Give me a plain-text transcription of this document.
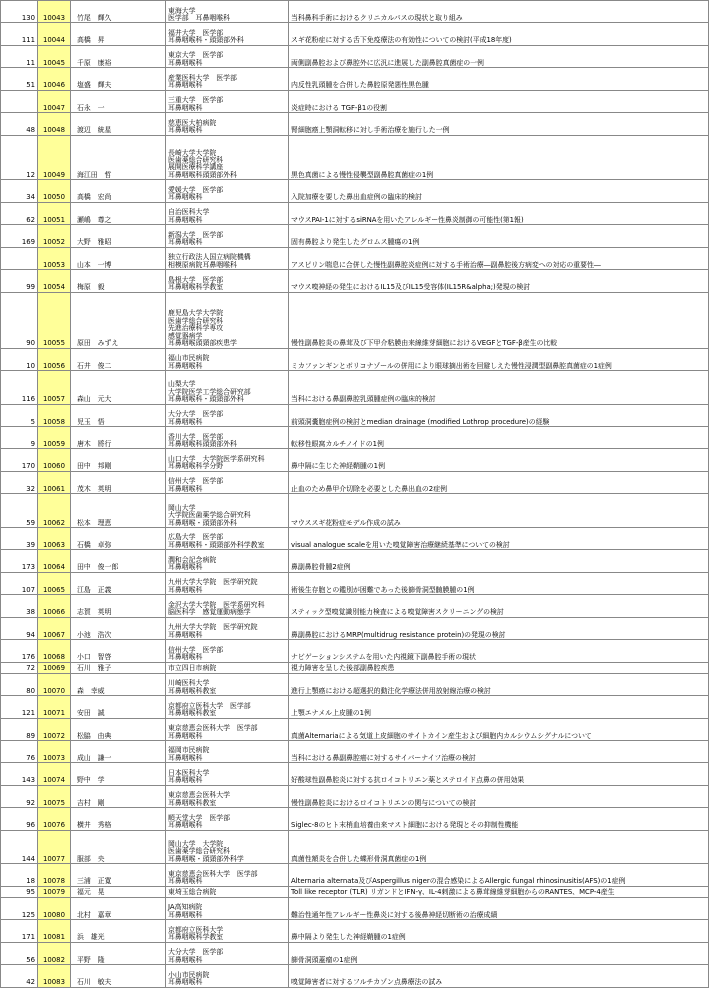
130	10043	竹尾　輝久	東海大学
医学部　耳鼻咽喉科	当科鼻科手術におけるクリニカルパスの現状と取り組み
111	10044	高橋　昇	福井大学　医学部
耳鼻咽喉科・頭頸部外科	スギ花粉症に対する舌下免疫療法の有効性についての検討(平成18年度)
11	10045	千原　康裕	東京大学　医学部
耳鼻咽喉科	両側副鼻腔および鼻腔外に広汎に進展した副鼻腔真菌症の一例
51	10046	塩盛　輝夫	産業医科大学　医学部
耳鼻咽喉科	内反性乳頭腫を合併した鼻腔原発悪性黒色腫
	10047	石永　一	三重大学　医学部
耳鼻咽喉科	炎症時における TGF-β1の役割
48	10048	渡辺　統星	慈恵医大柏病院
耳鼻咽喉科	腎細胞癌上顎洞転移に対し手術治療を施行した一例
12	10049	海江田　哲	長崎大学大学院
医歯薬総合研究科
展開医療科学講座
耳鼻咽喉科頭頸部外科	黒色真菌による慢性侵襲型副鼻腔真菌症の1例
34	10050	高橋　宏尚	愛媛大学　医学部
耳鼻咽喉科	入院加療を要した鼻出血症例の臨床的検討
62	10051	瀬嶋　尊之	自治医科大学
耳鼻咽喉科	マウスPAI-1に対するsiRNAを用いたアレルギー性鼻炎制御の可能性(第1報)
169	10052	大野　雅昭	新潟大学　医学部
耳鼻咽喉科	固有鼻腔より発生したグロムス腫瘍の1例
	10053	山本　一博	独立行政法人国立病院機構
相模原病院耳鼻咽喉科	アスピリン喘息に合併した慢性副鼻腔炎症例に対する手術治療―副鼻腔後方病変への対応の重要性―
99	10054	梅原　毅	島根大学　医学部
耳鼻咽喉科学教室	マウス嗅神経の発生におけるIL15及びIL15受容体(IL15R&alpha;)発現の検討
90	10055	原田　みずえ	鹿児島大学大学院
医歯学総合研究科
先進治療科学専攻
感覚器病学
耳鼻咽喉頭頸部疾患学	慢性副鼻腔炎の鼻茸及び下甲介粘膜由来線維芽細胞におけるVEGFとTGF-β産生の比較
10	10056	石井　俊二	福山市民病院
耳鼻咽喉科	ミカファンギンとボリコナゾールの併用により眼球摘出術を回避しえた慢性浸潤型副鼻腔真菌症の1症例
116	10057	森山　元大	山梨大学
大学院医学工学総合研究部
耳鼻咽喉科・頭頸部外科	当科における鼻副鼻腔乳頭腫症例の臨床的検討
5	10058	児玉　悟	大分大学　医学部
耳鼻咽喉科	前頭洞嚢胞症例の検討とmedian drainage (modified Lothrop procedure)の経験
9	10059	唐木　將行	香川大学　医学部
耳鼻咽喉科頭頸部外科	転移性眼窩カルチノイドの1例
170	10060	田中　邦剛	山口大学　大学院医学系研究科
耳鼻咽喉科学分野	鼻中隔に生じた神経鞘腫の1例
32	10061	茂木　英明	信州大学　医学部
耳鼻咽喉科	止血のため鼻甲介切除を必要とした鼻出血の2症例
59	10062	松本　理恵	岡山大学
大学院医歯薬学総合研究科
耳鼻咽喉・頭頸部外科	マウススギ花粉症モデル作成の試み
39	10063	石橋　卓弥	広島大学　医学部
耳鼻咽喉科・頭頸部外科学教室	visual analogue scaleを用いた嗅覚障害治療継続基準についての検討
173	10064	田中　俊一郎	潤和会記念病院
耳鼻咽喉科	鼻副鼻腔骨腫2症例
107	10065	江島　正義	九州大学大学院　医学研究院
耳鼻咽喉科	術後生存胞との鑑別が困難であった後篩骨洞型髄膜腫の1例
38	10066	志賀　英明	金沢大学大学院　医学系研究科
脳医科学　感覚運動病態学	スティック型嗅覚識別能力検査による嗅覚障害スクリーニングの検討
94	10067	小池　浩次	九州大学大学院　医学研究院
耳鼻咽喉科	鼻副鼻腔におけるMRP(multidrug resistance protein)の発現の検討
176	10068	小口　智啓	信州大学　医学部
耳鼻咽喉科	ナビゲーションシステムを用いた内視鏡下副鼻腔手術の現状
72	10069	石川　雅子	市立四日市病院	視力障害を呈した後部副鼻腔疾患
80	10070	森　幸威	川崎医科大学
耳鼻咽喉科教室	進行上顎癌における超選択的動注化学療法併用放射線治療の検討
121	10071	安田　誠	京都府立医科大学　医学部
耳鼻咽喉科教室	上顎エナメル上皮腫の1例
89	10072	松脇　由典	東京慈恵会医科大学　医学部
耳鼻咽喉科	真菌Alternariaによる気道上皮細胞のサイトカイン産生および細胞内カルシウムシグナルについて
76	10073	成山　謙一	福岡市民病院
耳鼻咽喉科	当科における鼻副鼻腔癌に対するサイバーナイフ治療の検討
143	10074	野中　学	日本医科大学
耳鼻咽喉科	好酸球性副鼻腔炎に対する抗ロイコトリエン薬とステロイド点鼻の併用効果
92	10075	吉村　剛	東京慈恵会医科大学
耳鼻咽喉科教室	慢性副鼻腔炎におけるロイコトリエンの関与についての検討
96	10076	横井　秀格	順天堂大学　医学部
耳鼻咽喉科	Siglec-8のヒト末梢血培養由来マスト細胞における発現とその抑制性機能
144	10077	服部　央	岡山大学　大学院
医歯薬学総合研究科
耳鼻咽喉・頭頸部外科学	真菌性額炎を合併した蝶形骨洞真菌症の1例
18	10078	三浦　正寛	東京慈恵会医科大学　医学部
耳鼻咽喉科	Alternaria alternata及びAspergillus nigerの混合感染によるAllergic fungal rhinosinusitis(AFS)の1症例
95	10079	福元　晃	東埼玉総合病院	Toll like receptor (TLR) リガンドとIFN-γ、IL-4刺激による鼻茸線維芽細胞からのRANTES、MCP-4産生
125	10080	北村　嘉章	JA高知病院
耳鼻咽喉科	難治性通年性アレルギー性鼻炎に対する後鼻神経切断術の治療成績
171	10081	浜　雄光	京都府立医科大学
耳鼻咽喉科学教室	鼻中隔より発生した神経鞘腫の1症例
56	10082	平野　隆	大分大学　医学部
耳鼻咽喉科	篩骨洞頭蓋瘤の1症例
42	10083	石川　敏夫	小山市民病院
耳鼻咽喉科	嗅覚障害者に対するフルチカゾン点鼻療法の試み
